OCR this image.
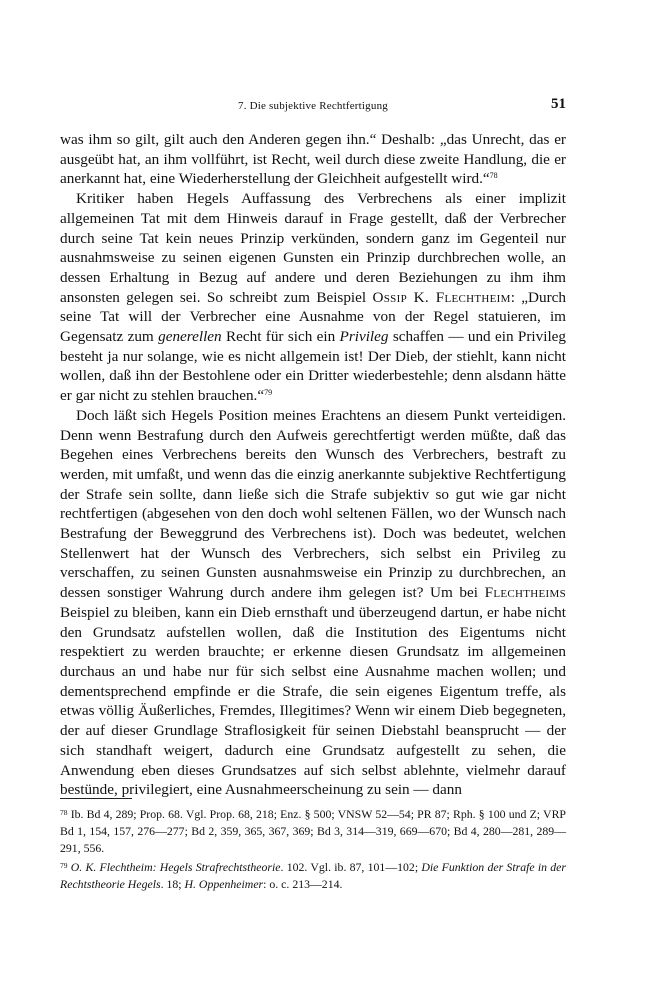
7. Die subjektive Rechtfertigung	51

was ihm so gilt, gilt auch den Anderen gegen ihn.“ Deshalb: „das Unrecht, das er ausgeübt hat, an ihm vollführt, ist Recht, weil durch diese zweite Handlung, die er anerkannt hat, eine Wiederherstellung der Gleichheit aufgestellt wird.“$^{78}$

Kritiker haben Hegels Auffassung des Verbrechens als einer implizit allgemeinen Tat mit dem Hinweis darauf in Frage gestellt, daß der Verbrecher durch seine Tat kein neues Prinzip verkünden, sondern ganz im Gegenteil nur ausnahmsweise zu seinen eigenen Gunsten ein Prinzip durchbrechen wolle, an dessen Erhaltung in Bezug auf andere und deren Beziehungen zu ihm ihm ansonsten gelegen sei. So schreibt zum Beispiel Ossip K. Flechtheim: „Durch seine Tat will der Verbrecher eine Ausnahme von der Regel statuieren, im Gegensatz zum generellen Recht für sich ein Privileg schaffen — und ein Privileg besteht ja nur solange, wie es nicht allgemein ist! Der Dieb, der stiehlt, kann nicht wollen, daß ihn der Bestohlene oder ein Dritter wiederbestehle; denn alsdann hätte er gar nicht zu stehlen brauchen.“$^{79}$

Doch läßt sich Hegels Position meines Erachtens an diesem Punkt verteidigen. Denn wenn Bestrafung durch den Aufweis gerechtfertigt werden müßte, daß das Begehen eines Verbrechens bereits den Wunsch des Verbrechers, bestraft zu werden, mit umfaßt, und wenn das die einzig anerkannte subjektive Rechtfertigung der Strafe sein sollte, dann ließe sich die Strafe subjektiv so gut wie gar nicht rechtfertigen (abgesehen von den doch wohl seltenen Fällen, wo der Wunsch nach Bestrafung der Beweggrund des Verbrechens ist). Doch was bedeutet, welchen Stellenwert hat der Wunsch des Verbrechers, sich selbst ein Privileg zu verschaffen, zu seinen Gunsten ausnahmsweise ein Prinzip zu durchbrechen, an dessen sonstiger Wahrung durch andere ihm gelegen ist? Um bei Flechtheims Beispiel zu bleiben, kann ein Dieb ernsthaft und überzeugend dartun, er habe nicht den Grundsatz aufstellen wollen, daß die Institution des Eigentums nicht respektiert zu werden brauchte; er erkenne diesen Grundsatz im allgemeinen durchaus an und habe nur für sich selbst eine Ausnahme machen wollen; und dementsprechend empfinde er die Strafe, die sein eigenes Eigentum treffe, als etwas völlig Äußerliches, Fremdes, Illegitimes? Wenn wir einem Dieb begegneten, der auf dieser Grundlage Straflosigkeit für seinen Diebstahl beansprucht — der sich standhaft weigert, dadurch eine Grundsatz aufgestellt zu sehen, die Anwendung eben dieses Grundsatzes auf sich selbst ablehnte, vielmehr darauf bestünde, privilegiert, eine Ausnahmeerscheinung zu sein — dann

$^{78}$ Ib. Bd 4, 289; Prop. 68. Vgl. Prop. 68, 218; Enz. § 500; VNSW 52—54; PR 87; Rph. § 100 und Z; VRP Bd 1, 154, 157, 276—277; Bd 2, 359, 365, 367, 369; Bd 3, 314—319, 669—670; Bd 4, 280—281, 289—291, 556.

$^{79}$ O. K. Flechtheim: Hegels Strafrechtstheorie. 102. Vgl. ib. 87, 101—102; Die Funktion der Strafe in der Rechtstheorie Hegels. 18; H. Oppenheimer: o. c. 213—214.
